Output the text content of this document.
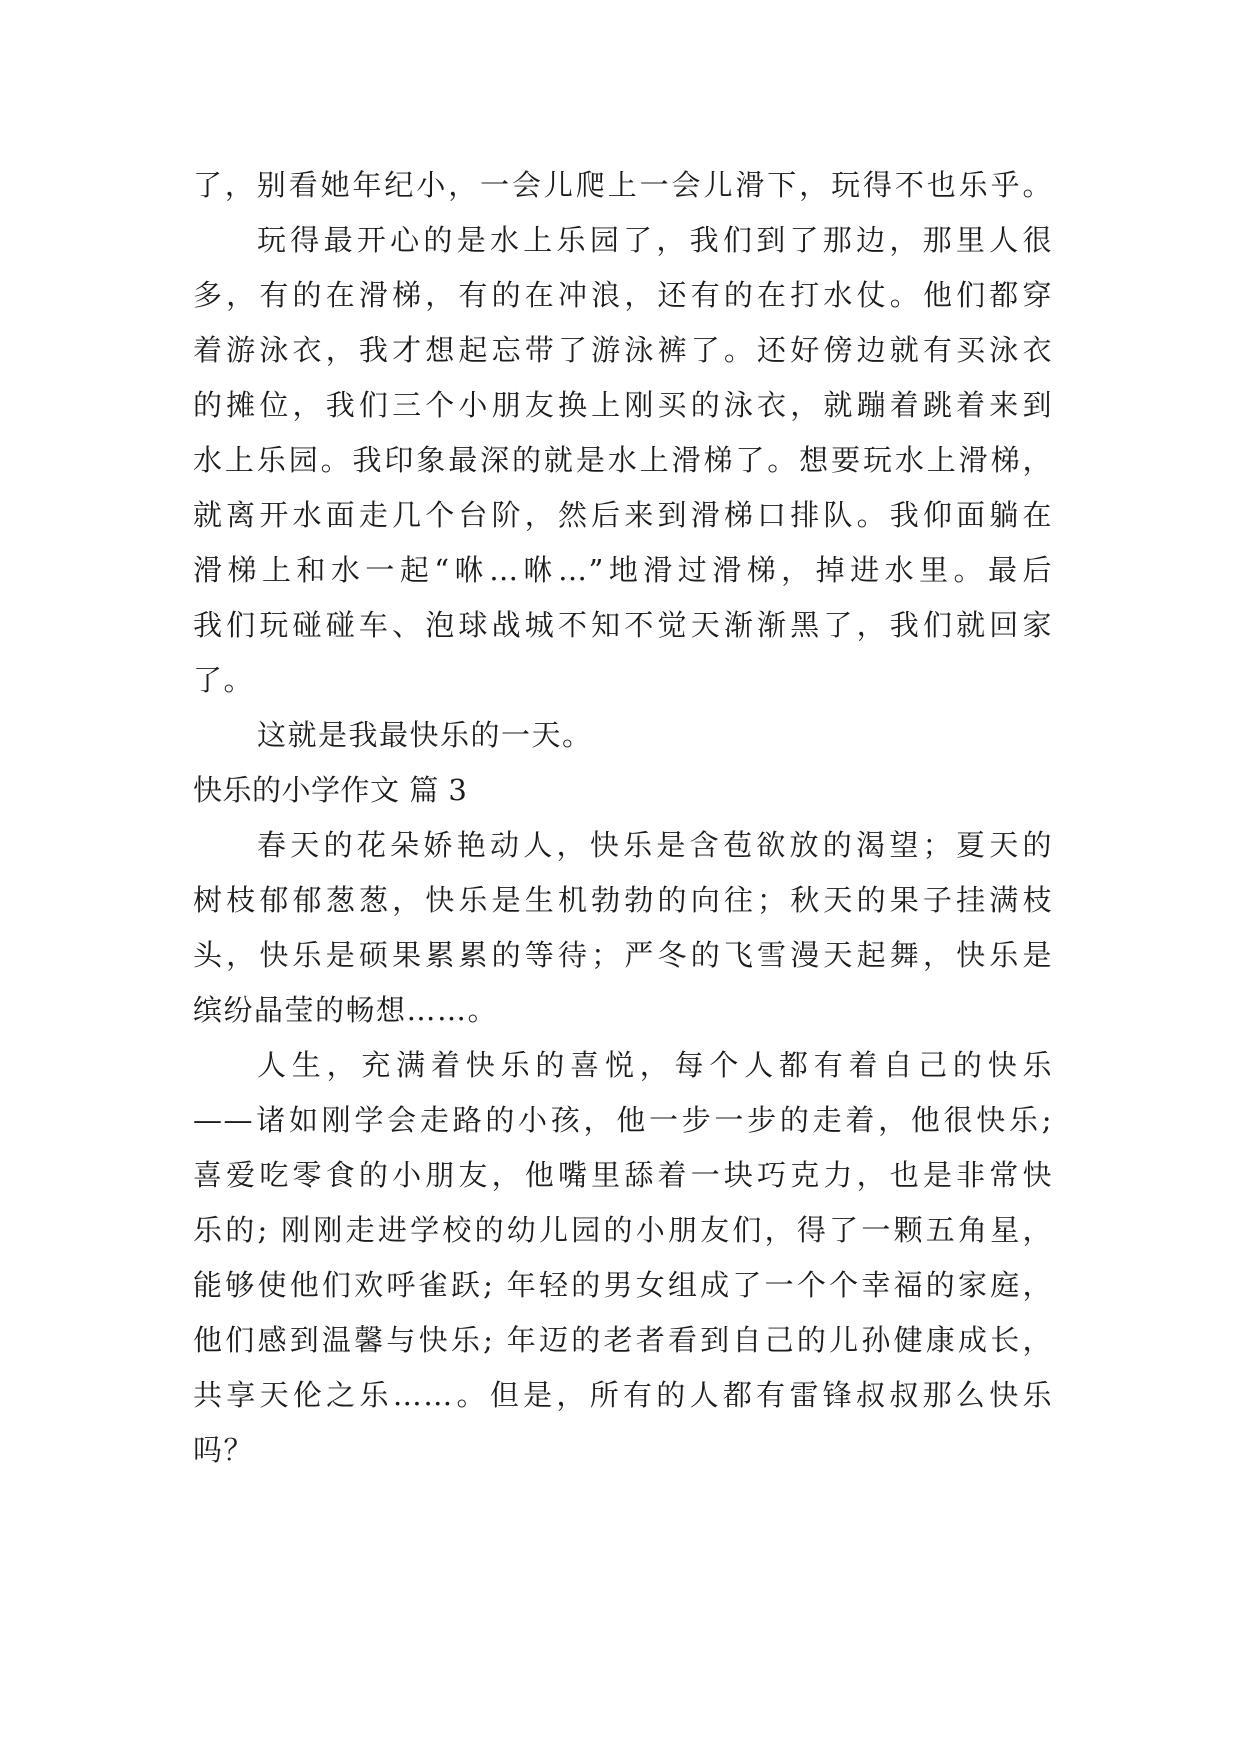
了，别看她年纪小，一会儿爬上一会儿滑下，玩得不也乐乎。
玩得最开心的是水上乐园了，我们到了那边，那里人很
多，有的在滑梯，有的在冲浪，还有的在打水仗。他们都穿
着游泳衣，我才想起忘带了游泳裤了。还好傍边就有买泳衣
的摊位，我们三个小朋友换上刚买的泳衣，就蹦着跳着来到
水上乐园。我印象最深的就是水上滑梯了。想要玩水上滑梯，
就离开水面走几个台阶，然后来到滑梯口排队。我仰面躺在
滑梯上和水一起“咻…咻…”地滑过滑梯，掉进水里。最后
我们玩碰碰车、泡球战城不知不觉天渐渐黑了，我们就回家
了。
这就是我最快乐的一天。
快乐的小学作文 篇 3
春天的花朵娇艳动人，快乐是含苞欲放的渴望；夏天的
树枝郁郁葱葱，快乐是生机勃勃的向往；秋天的果子挂满枝
头，快乐是硕果累累的等待；严冬的飞雪漫天起舞，快乐是
缤纷晶莹的畅想……。
人生，充满着快乐的喜悦，每个人都有着自己的快乐
——诸如刚学会走路的小孩，他一步一步的走着，他很快乐;
喜爱吃零食的小朋友，他嘴里舔着一块巧克力，也是非常快
乐的; 刚刚走进学校的幼儿园的小朋友们，得了一颗五角星，
能够使他们欢呼雀跃; 年轻的男女组成了一个个幸福的家庭，
他们感到温馨与快乐; 年迈的老者看到自己的儿孙健康成长，
共享天伦之乐……。但是，所有的人都有雷锋叔叔那么快乐
吗？
